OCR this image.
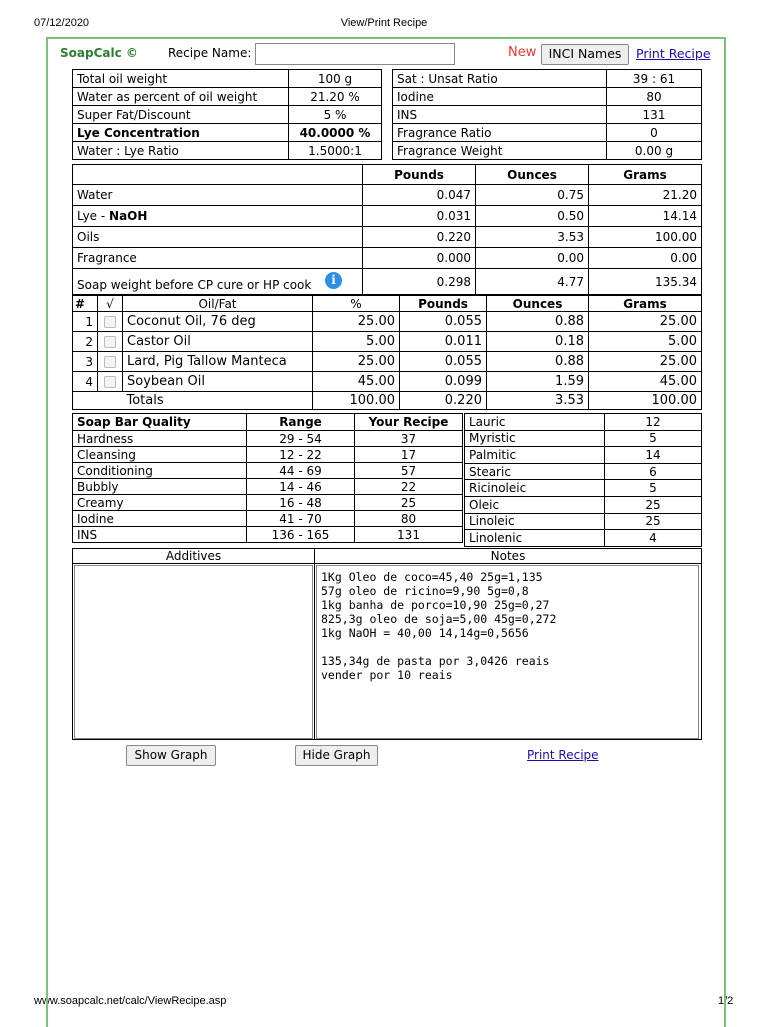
07/12/2020	View/Print Recipe
www.soapcalc.net/calc/ViewRecipe.asp	1/2
SoapCalc ©	Recipe Name:	New INCI Names	Print Recipe
Total oil weight	100 g
Water as percent of oil weight	21.20 %
Super Fat/Discount	5 %
Lye Concentration	40.0000 %
Water : Lye Ratio	1.5000:1
Sat : Unsat Ratio	39 : 61
Iodine	80
INS	131
Fragrance Ratio	0
Fragrance Weight	0.00 g
	Pounds	Ounces	Grams
Water	0.047	0.75	21.20
Lye - NaOH	0.031	0.50	14.14
Oils	0.220	3.53	100.00
Fragrance	0.000	0.00	0.00
Soap weight before CP cure or HP cook i	0.298	4.77	135.34
#	√	Oil/Fat	%	Pounds	Ounces	Grams
1		Coconut Oil, 76 deg	25.00	0.055	0.88	25.00
2		Castor Oil	5.00	0.011	0.18	5.00
3		Lard, Pig Tallow Manteca	25.00	0.055	0.88	25.00
4		Soybean Oil	45.00	0.099	1.59	45.00
		Totals	100.00	0.220	3.53	100.00
Soap Bar Quality	Range	Your Recipe
Hardness	29 - 54	37
Cleansing	12 - 22	17
Conditioning	44 - 69	57
Bubbly	14 - 46	22
Creamy	16 - 48	25
Iodine	41 - 70	80
INS	136 - 165	131
Lauric	12
Myristic	5
Palmitic	14
Stearic	6
Ricinoleic	5
Oleic	25
Linoleic	25
Linolenic	4
Additives	Notes

1Kg Oleo de coco=45,40 25g=1,135 57g oleo de ricino=9,90 5g=0,8 1kg banha de porco=10,90 25g=0,27 825,3g oleo de soja=5,00 45g=0,272 1kg NaOH = 40,00 14,14g=0,5656 135,34g de pasta por 3,0426 reais vender por 10 reais
Show Graph	Hide Graph	Print Recipe
